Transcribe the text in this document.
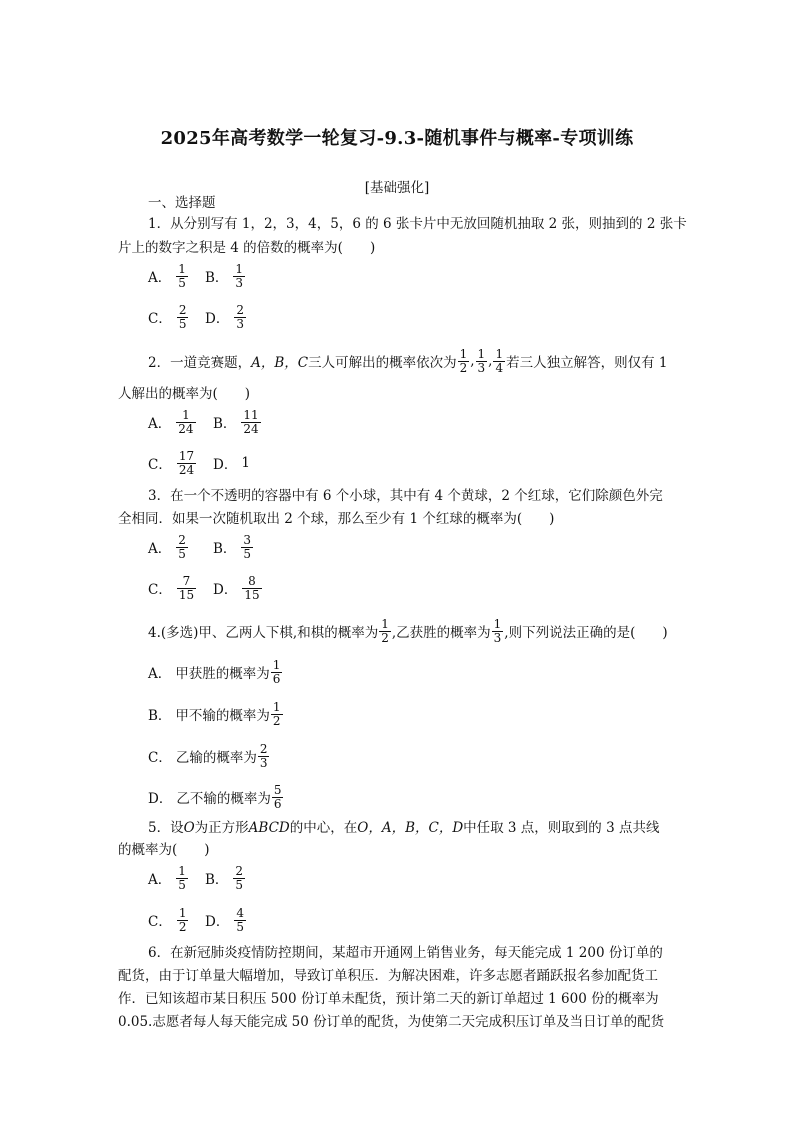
2025年高考数学一轮复习-9.3-随机事件与概率-专项训练
[基础强化]
一、选择题
1．从分别写有 1，2，3，4，5，6 的 6 张卡片中无放回随机抽取 2 张，则抽到的 2 张卡
片上的数字之积是 4 的倍数的概率为(　　)
A． $\frac{1}{5}$ B． $\frac{1}{3}$
C． $\frac{2}{5}$ D． $\frac{2}{3}$
2．一道竞赛题， A，B，C 三人可解出的概率依次为 $\frac{1}{2}$ , $\frac{1}{3}$ , $\frac{1}{4}$ 若三人独立解答，则仅有 1
人解出的概率为(　　)
A． $\frac{1}{24}$ B． $\frac{11}{24}$
C． $\frac{17}{24}$ D． 1
3．在一个不透明的容器中有 6 个小球，其中有 4 个黄球，2 个红球，它们除颜色外完
全相同．如果一次随机取出 2 个球，那么至少有 1 个红球的概率为(　　)
A． $\frac{2}{5}$ B． $\frac{3}{5}$
C． $\frac{7}{15}$ D． $\frac{8}{15}$
4.(多选)甲、乙两人下棋,和棋的概率为 $\frac{1}{2}$ ,乙获胜的概率为 $\frac{1}{3}$ ,则下列说法正确的是(　　)
A． 甲获胜的概率为 $\frac{1}{6}$
B． 甲不输的概率为 $\frac{1}{2}$
C． 乙输的概率为 $\frac{2}{3}$
D． 乙不输的概率为 $\frac{5}{6}$
5．设O为正方形ABCD的中心，在O，A，B，C，D中任取 3 点，则取到的 3 点共线
的概率为(　　)
A． $\frac{1}{5}$ B． $\frac{2}{5}$
C． $\frac{1}{2}$ D． $\frac{4}{5}$
6．在新冠肺炎疫情防控期间，某超市开通网上销售业务，每天能完成 1 200 份订单的
配货，由于订单量大幅增加，导致订单积压．为解决困难，许多志愿者踊跃报名参加配货工
作．已知该超市某日积压 500 份订单未配货，预计第二天的新订单超过 1 600 份的概率为
0.05.志愿者每人每天能完成 50 份订单的配货，为使第二天完成积压订单及当日订单的配货
